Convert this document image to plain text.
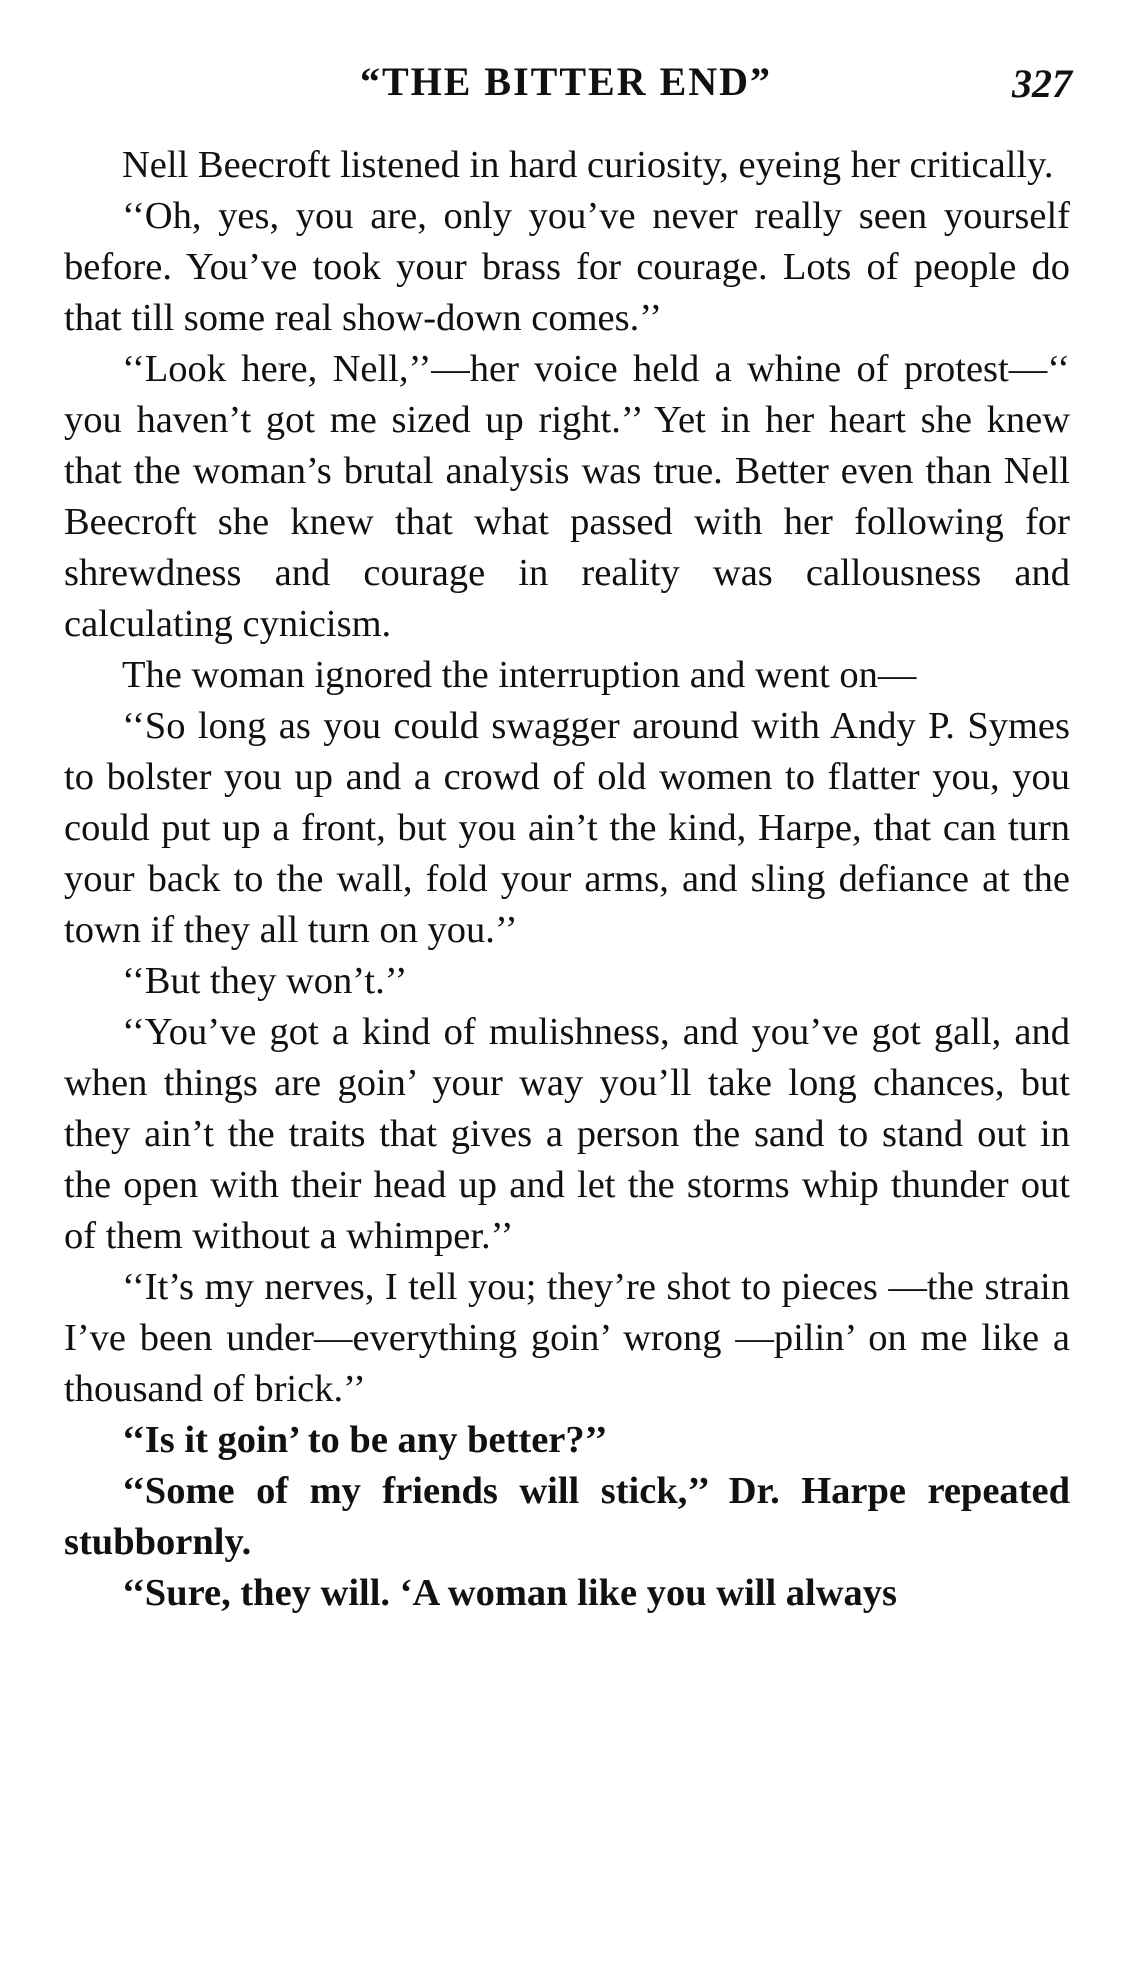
“THE BITTER END”	327

Nell Beecroft listened in hard curiosity, eyeing her critically.

‘‘Oh, yes, you are, only you’ve never really seen yourself before. You’ve took your brass for courage. Lots of people do that till some real show-down comes.’’

‘‘Look here, Nell,’’—her voice held a whine of protest—‘‘ you haven’t got me sized up right.’’ Yet in her heart she knew that the woman’s brutal analysis was true. Better even than Nell Beecroft she knew that what passed with her following for shrewdness and courage in reality was callousness and calculating cynicism.

The woman ignored the interruption and went on—

‘‘So long as you could swagger around with Andy P. Symes to bolster you up and a crowd of old women to flatter you, you could put up a front, but you ain’t the kind, Harpe, that can turn your back to the wall, fold your arms, and sling defiance at the town if they all turn on you.’’

‘‘But they won’t.’’

‘‘You’ve got a kind of mulishness, and you’ve got gall, and when things are goin’ your way you’ll take long chances, but they ain’t the traits that gives a person the sand to stand out in the open with their head up and let the storms whip thunder out of them without a whimper.’’

‘‘It’s my nerves, I tell you; they’re shot to pieces —the strain I’ve been under—everything goin’ wrong —pilin’ on me like a thousand of brick.’’

‘‘Is it goin’ to be any better?’’

‘‘Some of my friends will stick,’’ Dr. Harpe repeated stubbornly.

‘‘Sure, they will. ‘A woman like you will always
